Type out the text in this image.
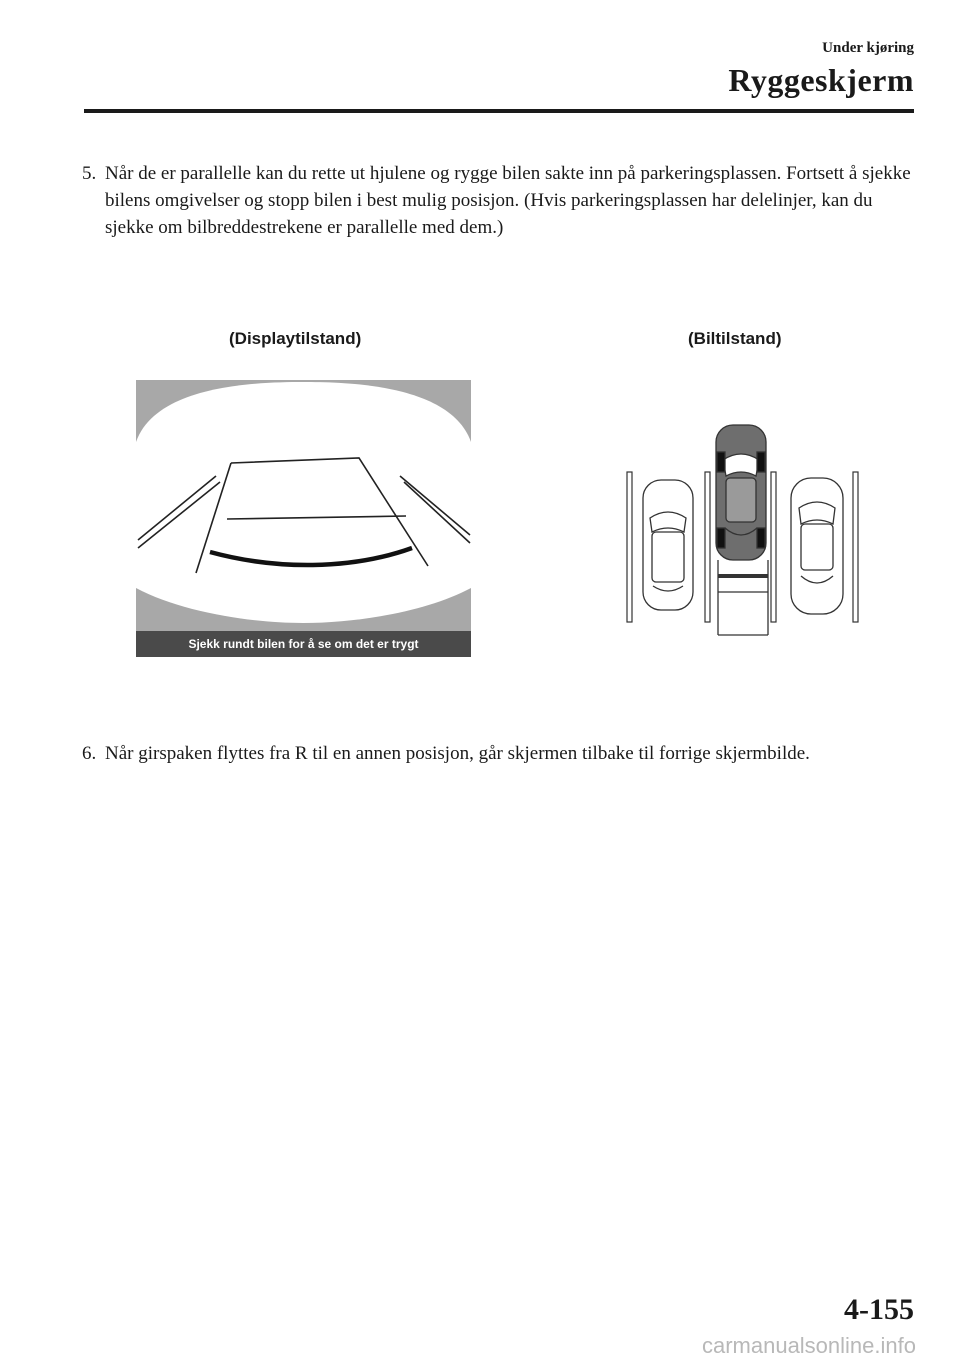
Under kjøring
Ryggeskjerm
5. Når de er parallelle kan du rette ut hjulene og rygge bilen sakte inn på parkeringsplassen. Fortsett å sjekke bilens omgivelser og stopp bilen i best mulig posisjon. (Hvis parkeringsplassen har delelinjer, kan du sjekke om bilbreddestrekene er parallelle med dem.)
(Displaytilstand)	(Biltilstand)
Sjekk rundt bilen for å se om det er trygt
6. Når girspaken flyttes fra R til en annen posisjon, går skjermen tilbake til forrige skjermbilde.
4-155
carmanualsonline.info
